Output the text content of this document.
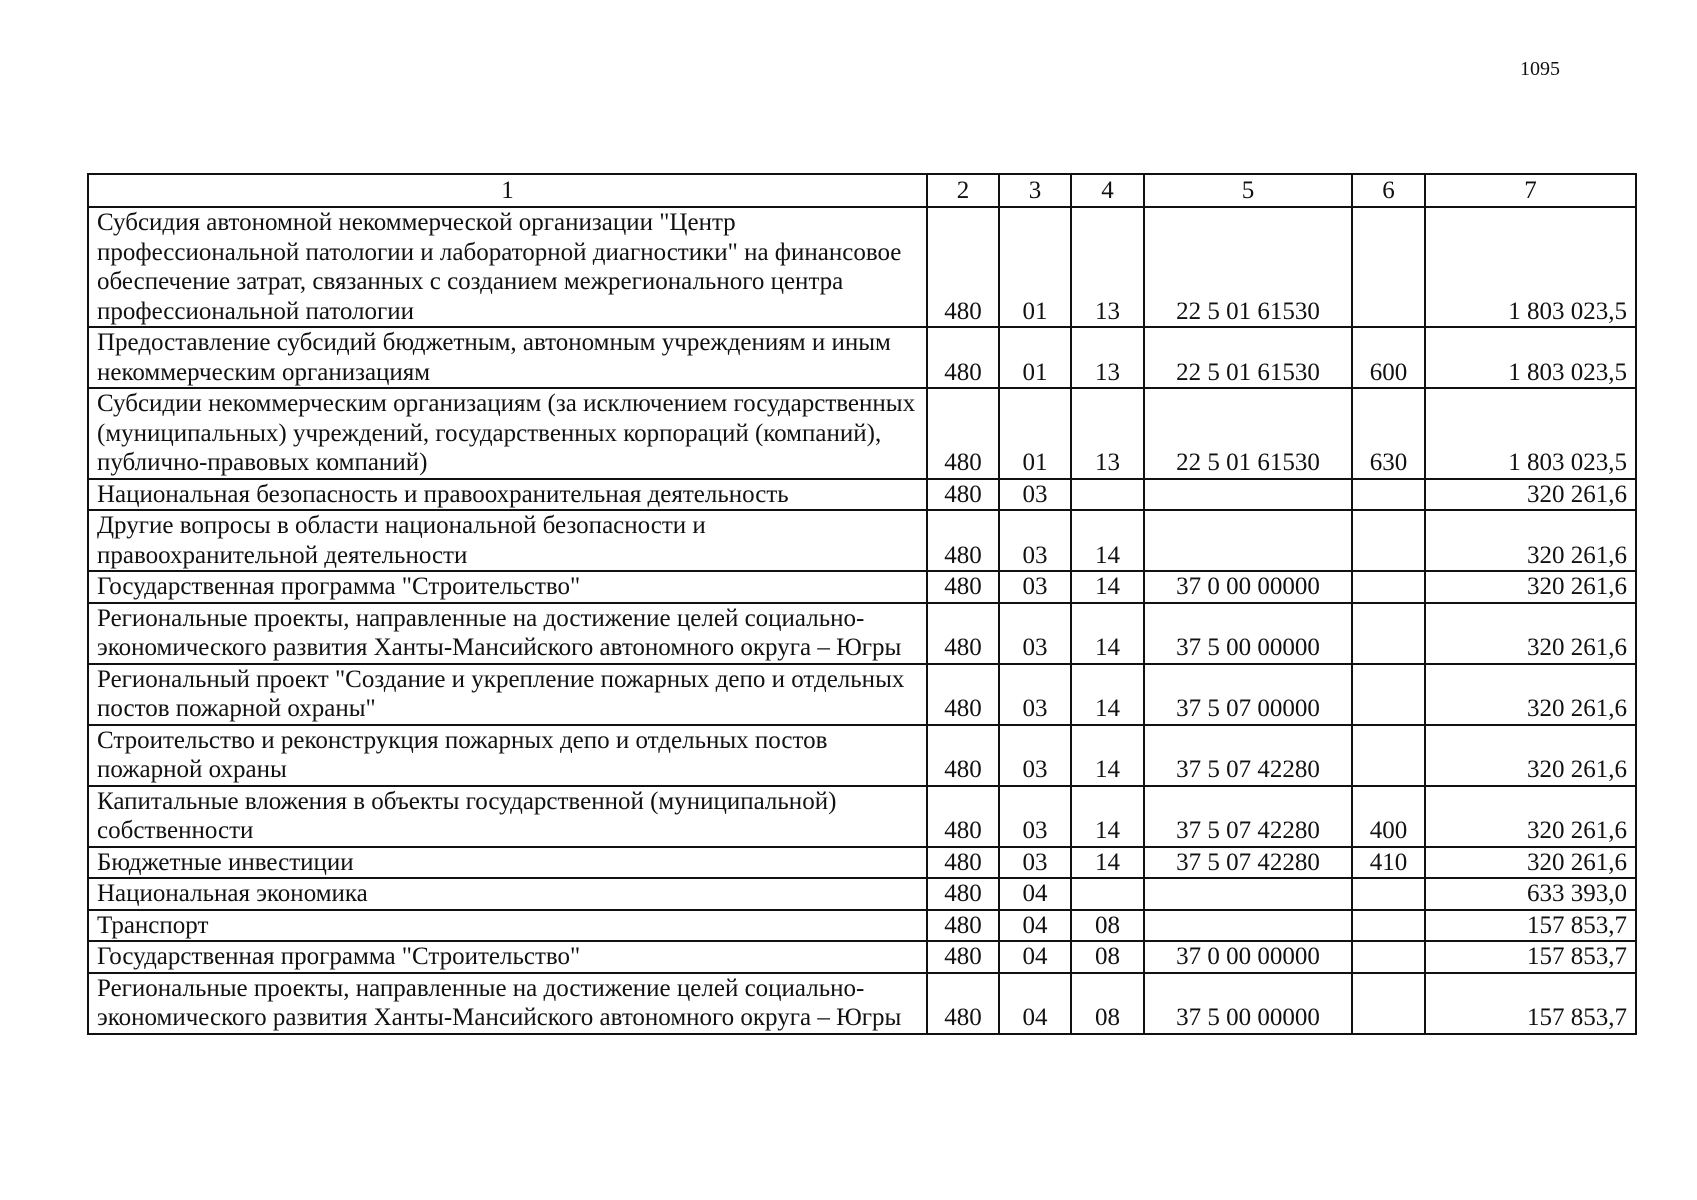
1095
1	2	3	4	5	6	7
Субсидия автономной некоммерческой организации "Центр профессиональной патологии и лабораторной диагностики" на финансовое обеспечение затрат, связанных с созданием межрегионального центра профессиональной патологии	480	01	13	22 5 01 61530		1 803 023,5
Предоставление субсидий бюджетным, автономным учреждениям и иным некоммерческим организациям	480	01	13	22 5 01 61530	600	1 803 023,5
Субсидии некоммерческим организациям (за исключением государственных (муниципальных) учреждений, государственных корпораций (компаний), публично-правовых компаний)	480	01	13	22 5 01 61530	630	1 803 023,5
Национальная безопасность и правоохранительная деятельность	480	03				320 261,6
Другие вопросы в области национальной безопасности и правоохранительной деятельности	480	03	14			320 261,6
Государственная программа "Строительство"	480	03	14	37 0 00 00000		320 261,6
Региональные проекты, направленные на достижение целей социально-экономического развития Ханты-Мансийского автономного округа – Югры	480	03	14	37 5 00 00000		320 261,6
Региональный проект "Создание и укрепление пожарных депо и отдельных постов пожарной охраны"	480	03	14	37 5 07 00000		320 261,6
Строительство и реконструкция пожарных депо и отдельных постов пожарной охраны	480	03	14	37 5 07 42280		320 261,6
Капитальные вложения в объекты государственной (муниципальной) собственности	480	03	14	37 5 07 42280	400	320 261,6
Бюджетные инвестиции	480	03	14	37 5 07 42280	410	320 261,6
Национальная экономика	480	04				633 393,0
Транспорт	480	04	08			157 853,7
Государственная программа "Строительство"	480	04	08	37 0 00 00000		157 853,7
Региональные проекты, направленные на достижение целей социально-экономического развития Ханты-Мансийского автономного округа – Югры	480	04	08	37 5 00 00000		157 853,7
